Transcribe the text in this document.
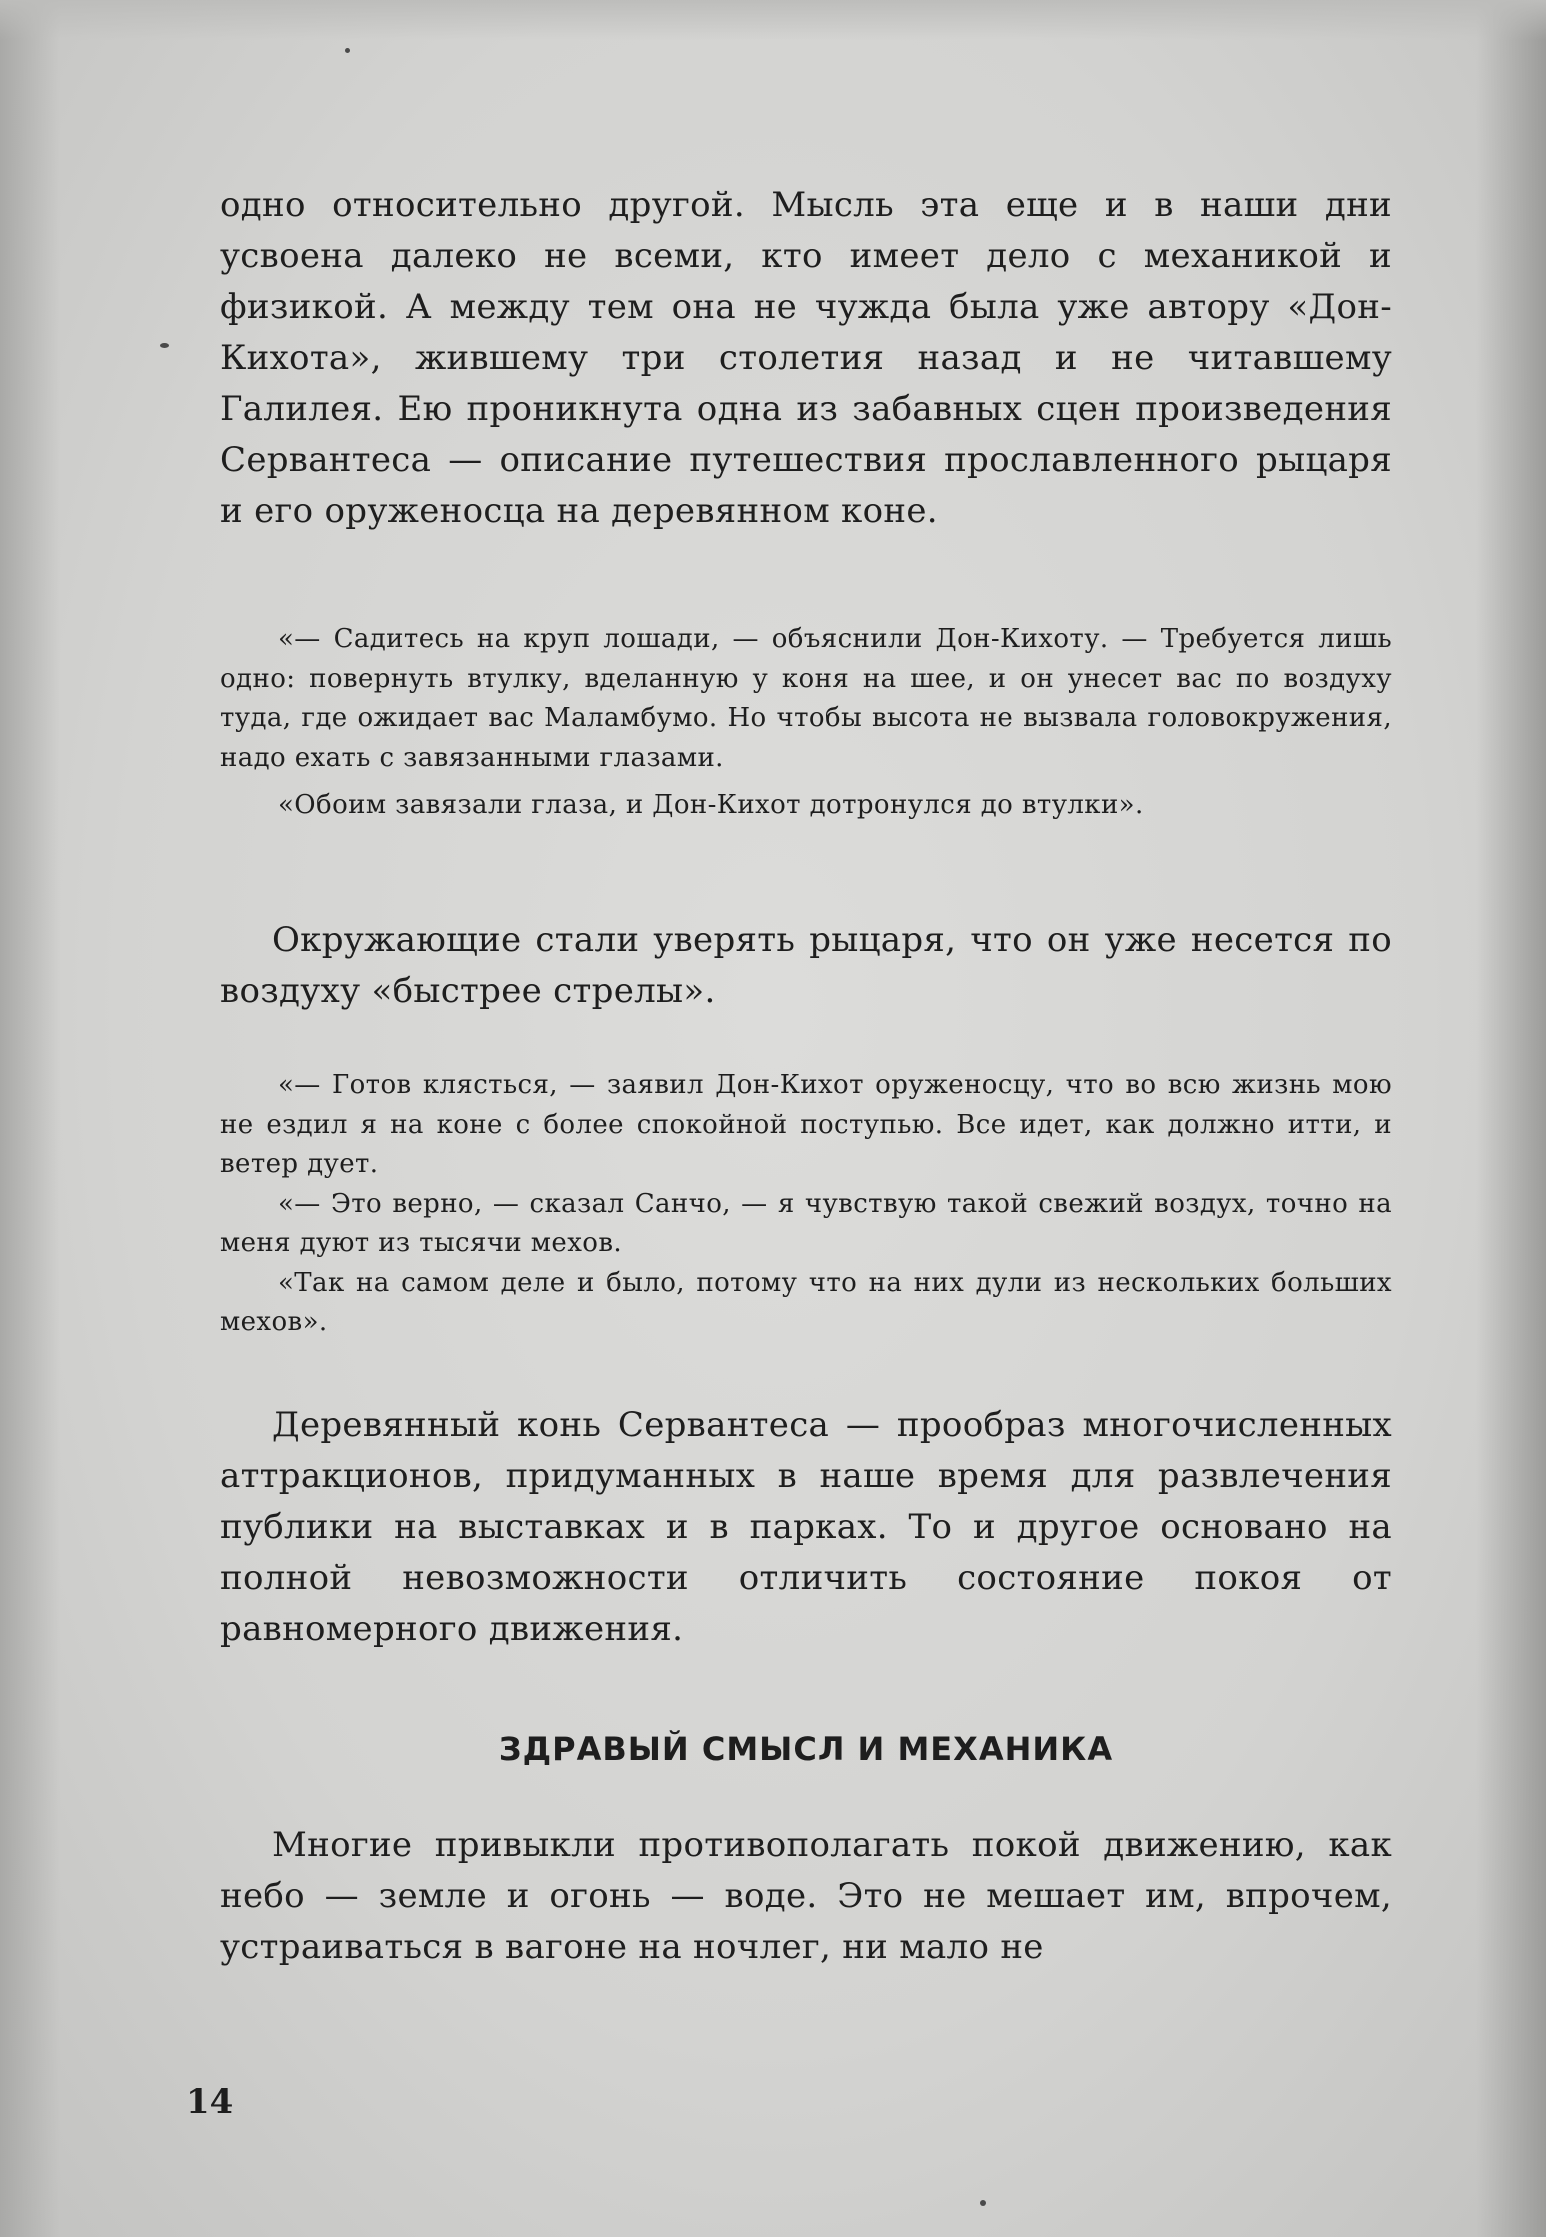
одно относительно другой. Мысль эта еще и в наши дни усвоена далеко не всеми, кто имеет дело с механикой и физикой. А между тем она не чужда была уже автору «Дон-Кихота», жившему три столетия назад и не читавшему Галилея. Ею проникнута одна из забавных сцен произведения Сервантеса — описание путешествия прославленного рыцаря и его оруженосца на деревянном коне.

«— Садитесь на круп лошади, — объяснили Дон-Кихоту. — Требуется лишь одно: повернуть втулку, вделанную у коня на шее, и он унесет вас по воздуху туда, где ожидает вас Маламбумо. Но чтобы высота не вызвала головокружения, надо ехать с завязанными глазами.

«Обоим завязали глаза, и Дон-Кихот дотронулся до втулки».

Окружающие стали уверять рыцаря, что он уже несется по воздуху «быстрее стрелы».

«— Готов клясться, — заявил Дон-Кихот оруженосцу, что во всю жизнь мою не ездил я на коне с более спокойной поступью. Все идет, как должно итти, и ветер дует.

«— Это верно, — сказал Санчо, — я чувствую такой свежий воздух, точно на меня дуют из тысячи мехов.

«Так на самом деле и было, потому что на них дули из нескольких больших мехов».

Деревянный конь Сервантеса — прообраз многочисленных аттракционов, придуманных в наше время для развлечения публики на выставках и в парках. То и другое основано на полной невозможности отличить состояние покоя от равномерного движения.

ЗДРАВЫЙ СМЫСЛ И МЕХАНИКА

Многие привыкли противополагать покой движению, как небо — земле и огонь — воде. Это не мешает им, впрочем, устраиваться в вагоне на ночлег, ни мало не

14
